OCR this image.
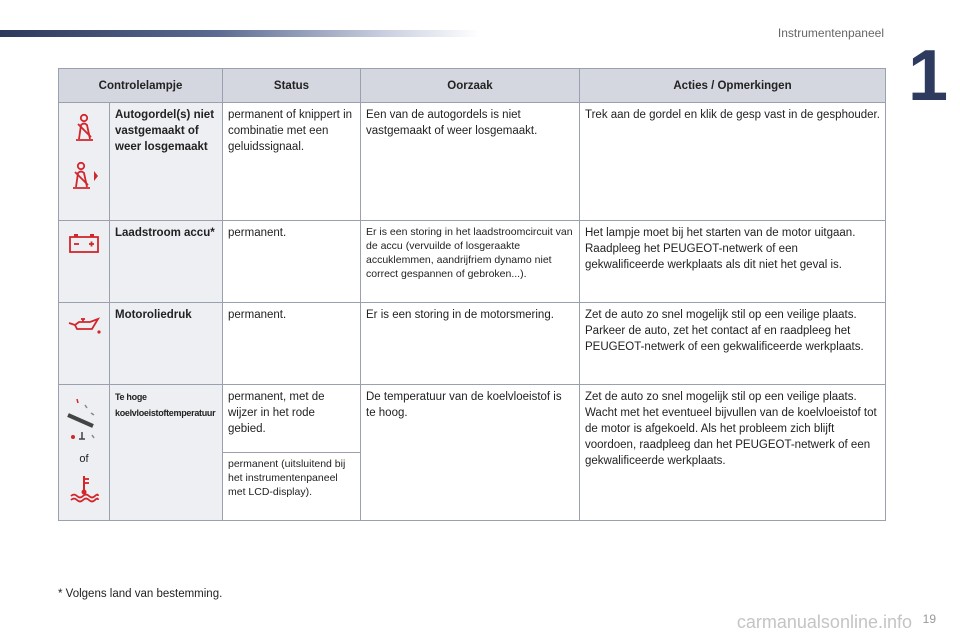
Instrumentenpaneel
1
Controlelampje		Status	Oorzaak	Acties / Opmerkingen

	Autogordel(s) niet vastgemaakt of weer losgemaakt	permanent of knippert in combinatie met een geluidssignaal.	Een van de autogordels is niet vastgemaakt of weer losgemaakt.	Trek aan de gordel en klik de gesp vast in de gesphouder.

	Laadstroom accu*	permanent.	Er is een storing in het laadstroomcircuit van de accu (vervuilde of losgeraakte accuklemmen, aandrijfriem dynamo niet correct gespannen of gebroken...).	Het lampje moet bij het starten van de motor uitgaan. Raadpleeg het PEUGEOT-netwerk of een gekwalificeerde werkplaats als dit niet het geval is.

	Motoroliedruk	permanent.	Er is een storing in de motorsmering.	Zet de auto zo snel mogelijk stil op een veilige plaats. Parkeer de auto, zet het contact af en raadpleeg het PEUGEOT-netwerk of een gekwalificeerde werkplaats.

of	Te hoge koelvloeistoftemperatuur	permanent, met de wijzer in het rode gebied.	De temperatuur van de koelvloeistof is te hoog.	Zet de auto zo snel mogelijk stil op een veilige plaats. Wacht met het eventueel bijvullen van de koelvloeistof tot de motor is afgekoeld. Als het probleem zich blijft voordoen, raadpleeg dan het PEUGEOT-netwerk of een gekwalificeerde werkplaats.
		permanent (uitsluitend bij het instrumentenpaneel met LCD-display).		
* Volgens land van bestemming.
19
carmanualsonline.info
